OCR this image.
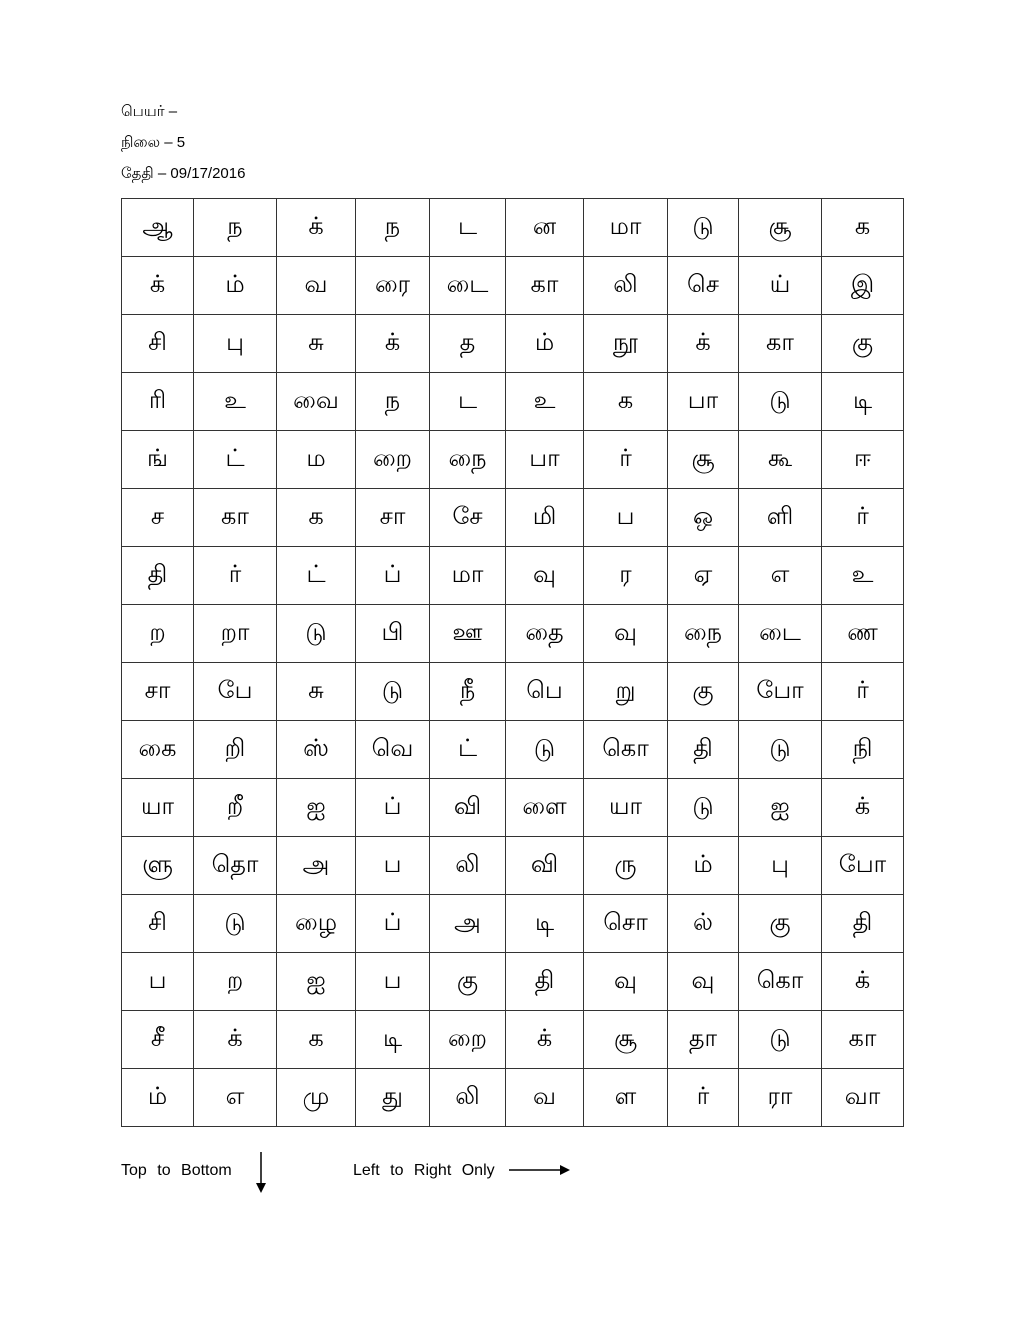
பெயர் –
நிலை – 5
தேதி – 09/17/2016
ஆ	ந	க்	ந	ட	ன	மா	டு	சூ	க
க்	ம்	வ	ரை	டை	கா	லி	செ	ய்	இ
சி	பு	சு	க்	த	ம்	நூ	க்	கா	கு
ரி	உ	வை	ந	ட	உ	க	பா	டு	டி
ங்	ட்	ம	றை	நை	பா	ர்	சூ	கூ	ஈ
ச	கா	க	சா	சே	மி	ப	ஒ	ளி	ர்
தி	ர்	ட்	ப்	மா	வு	ர	ஏ	எ	உ
ற	றா	டு	பி	ஊ	தை	வு	நை	டை	ண
சா	பே	சு	டு	நீ	பெ	று	கு	போ	ர்
கை	றி	ஸ்	வெ	ட்	டு	கொ	தி	டு	நி
யா	றீ	ஐ	ப்	வி	ளை	யா	டு	ஐ	க்
ளு	தொ	அ	ப	லி	வி	ரு	ம்	பு	போ
சி	டு	ழை	ப்	அ	டி	சொ	ல்	கு	தி
ப	ற	ஐ	ப	கு	தி	வு	வு	கொ	க்
சீ	க்	க	டி	றை	க்	சூ	தா	டு	கா
ம்	எ	மு	து	லி	வ	ள	ர்	ரா	வா
Top to Bottom	Left to Right Only
